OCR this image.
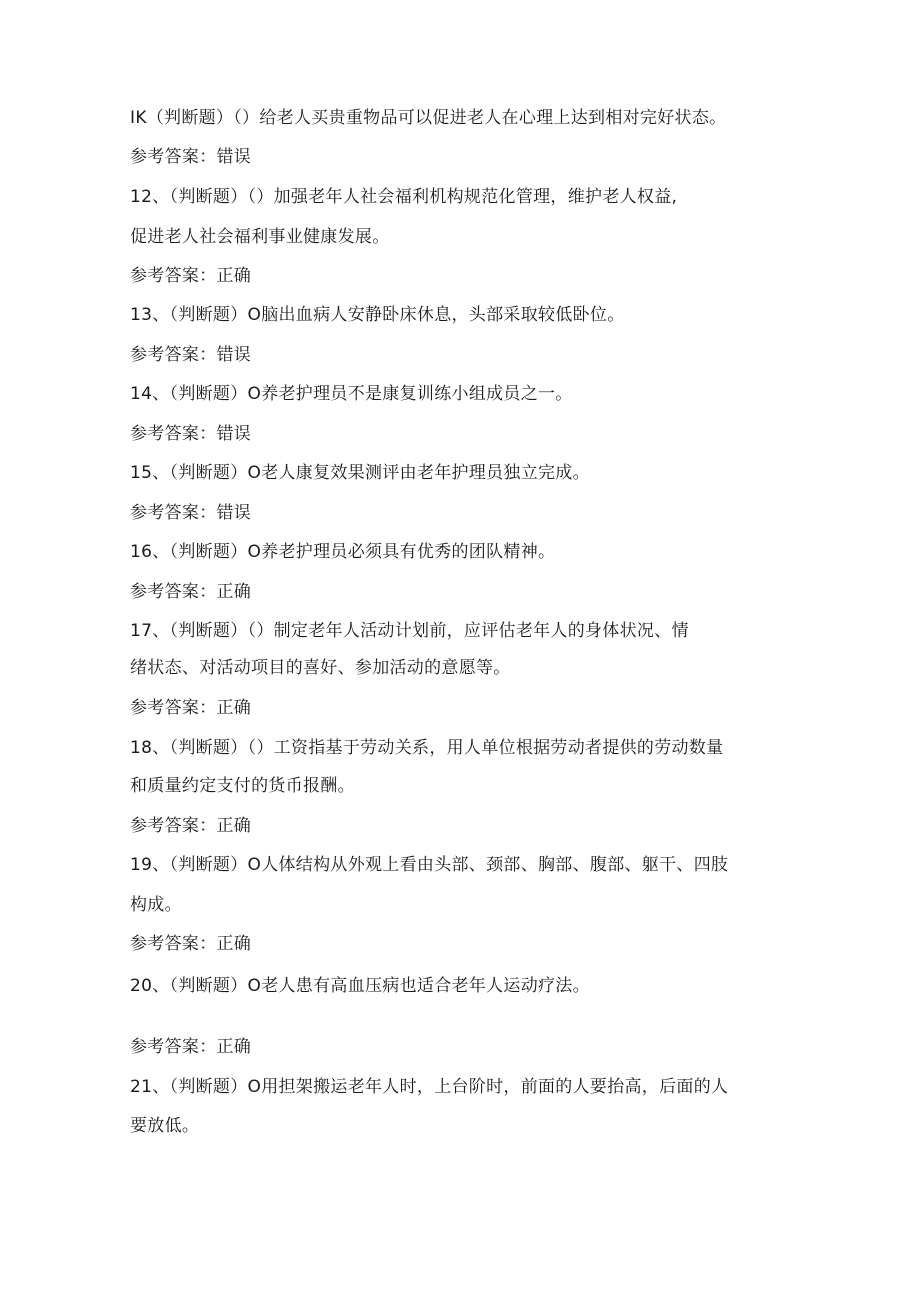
IK（判断题）（）给老人买贵重物品可以促进老人在心理上达到相对完好状态。
参考答案：错误
12、（判断题）（）加强老年人社会福利机构规范化管理，维护老人权益,
促进老人社会福利事业健康发展。
参考答案：正确
13、（判断题）O脑出血病人安静卧床休息，头部采取较低卧位。
参考答案：错误
14、（判断题）O养老护理员不是康复训练小组成员之一。
参考答案：错误
15、（判断题）O老人康复效果测评由老年护理员独立完成。
参考答案：错误
16、（判断题）O养老护理员必须具有优秀的团队精神。
参考答案：正确
17、（判断题）（）制定老年人活动计划前，应评估老年人的身体状况、情
绪状态、对活动项目的喜好、参加活动的意愿等。
参考答案：正确
18、（判断题）（）工资指基于劳动关系，用人单位根据劳动者提供的劳动数量
和质量约定支付的货币报酬。
参考答案：正确
19、（判断题）O人体结构从外观上看由头部、颈部、胸部、腹部、躯干、四肢
构成。
参考答案：正确
20、（判断题）O老人患有高血压病也适合老年人运动疗法。
参考答案：正确
21、（判断题）O用担架搬运老年人时，上台阶时，前面的人要抬高，后面的人
要放低。
